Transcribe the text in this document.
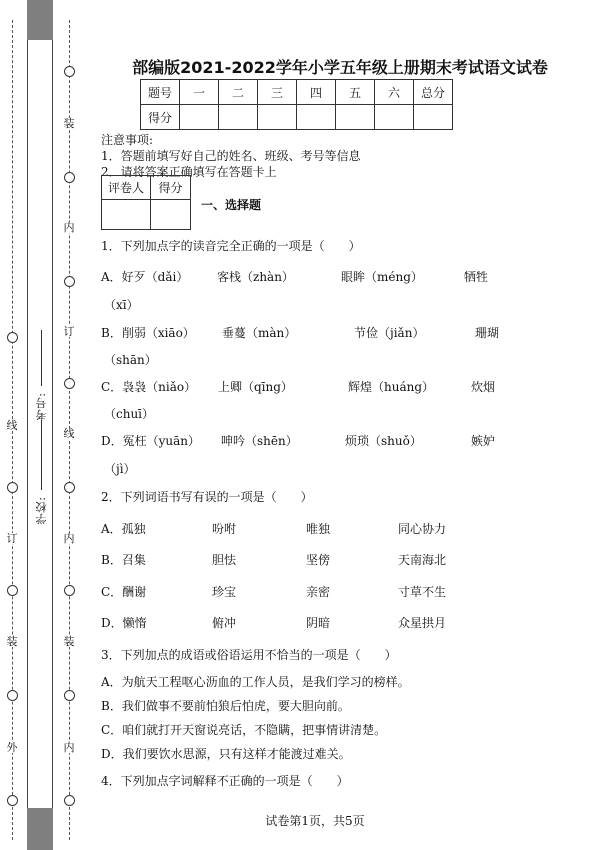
线
订
装
外
装
内
订
线
内
装
内
学校:
考号:
部编版2021-2022学年小学五年级上册期末考试语文试卷
题号	一	二	三	四	五	六	总分
得分							
注意事项:
1．答题前填写好自己的姓名、班级、考号等信息
2．请将答案正确填写在答题卡上
评卷人	得分

一、选择题
1．下列加点字的读音完全正确的一项是（　　）
A．好歹（dǎi） 客栈（zhàn）	眼眸（méng）	牺牲
（xī）
B．削弱（xiāo） 垂蔓（màn）	节俭（jiǎn）	珊瑚
（shān）
C．袅袅（niǎo） 上卿（qīng）	辉煌（huáng）	炊烟
（chuī）
D．冤枉（yuān） 呻吟（shēn）	烦琐（shuǒ）	嫉妒
（jì）
2．下列词语书写有误的一项是（　　）
A．孤独	吩咐	唯独	同心协力
B．召集	胆怯	坚傍	天南海北
C．酬谢	珍宝	亲密	寸草不生
D．懒惰	俯冲	阴暗	众星拱月
3．下列加点的成语或俗语运用不恰当的一项是（　　）
A．为航天工程呕心沥血的工作人员，是我们学习的榜样。
B．我们做事不要前怕狼后怕虎，要大胆向前。
C．咱们就打开天窗说亮话，不隐瞒，把事情讲清楚。
D．我们要饮水思源，只有这样才能渡过难关。
4．下列加点字词解释不正确的一项是（　　）
试卷第1页，共5页
